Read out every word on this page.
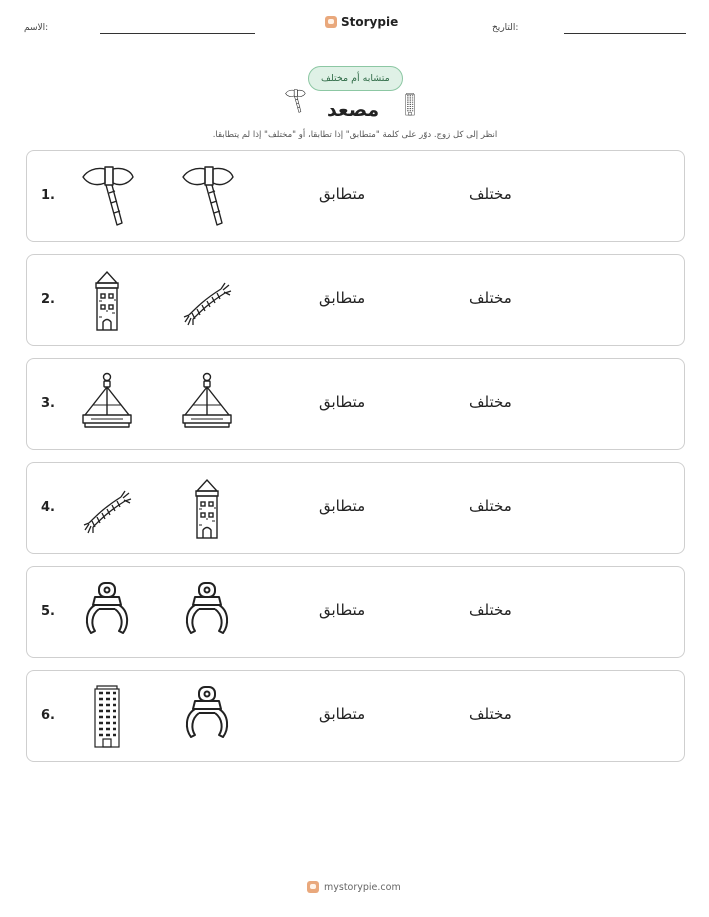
الاسم:	Storypie	التاريخ:
متشابه أم مختلف
مصعد
انظر إلى كل زوج. دوّر على كلمة "متطابق" إذا تطابقا، أو "مختلف" إذا لم يتطابقا.
1.	متطابق	مختلف
2.	متطابق	مختلف
3.	متطابق	مختلف
4.	متطابق	مختلف
5.	متطابق	مختلف
6.	متطابق	مختلف
mystorypie.com
